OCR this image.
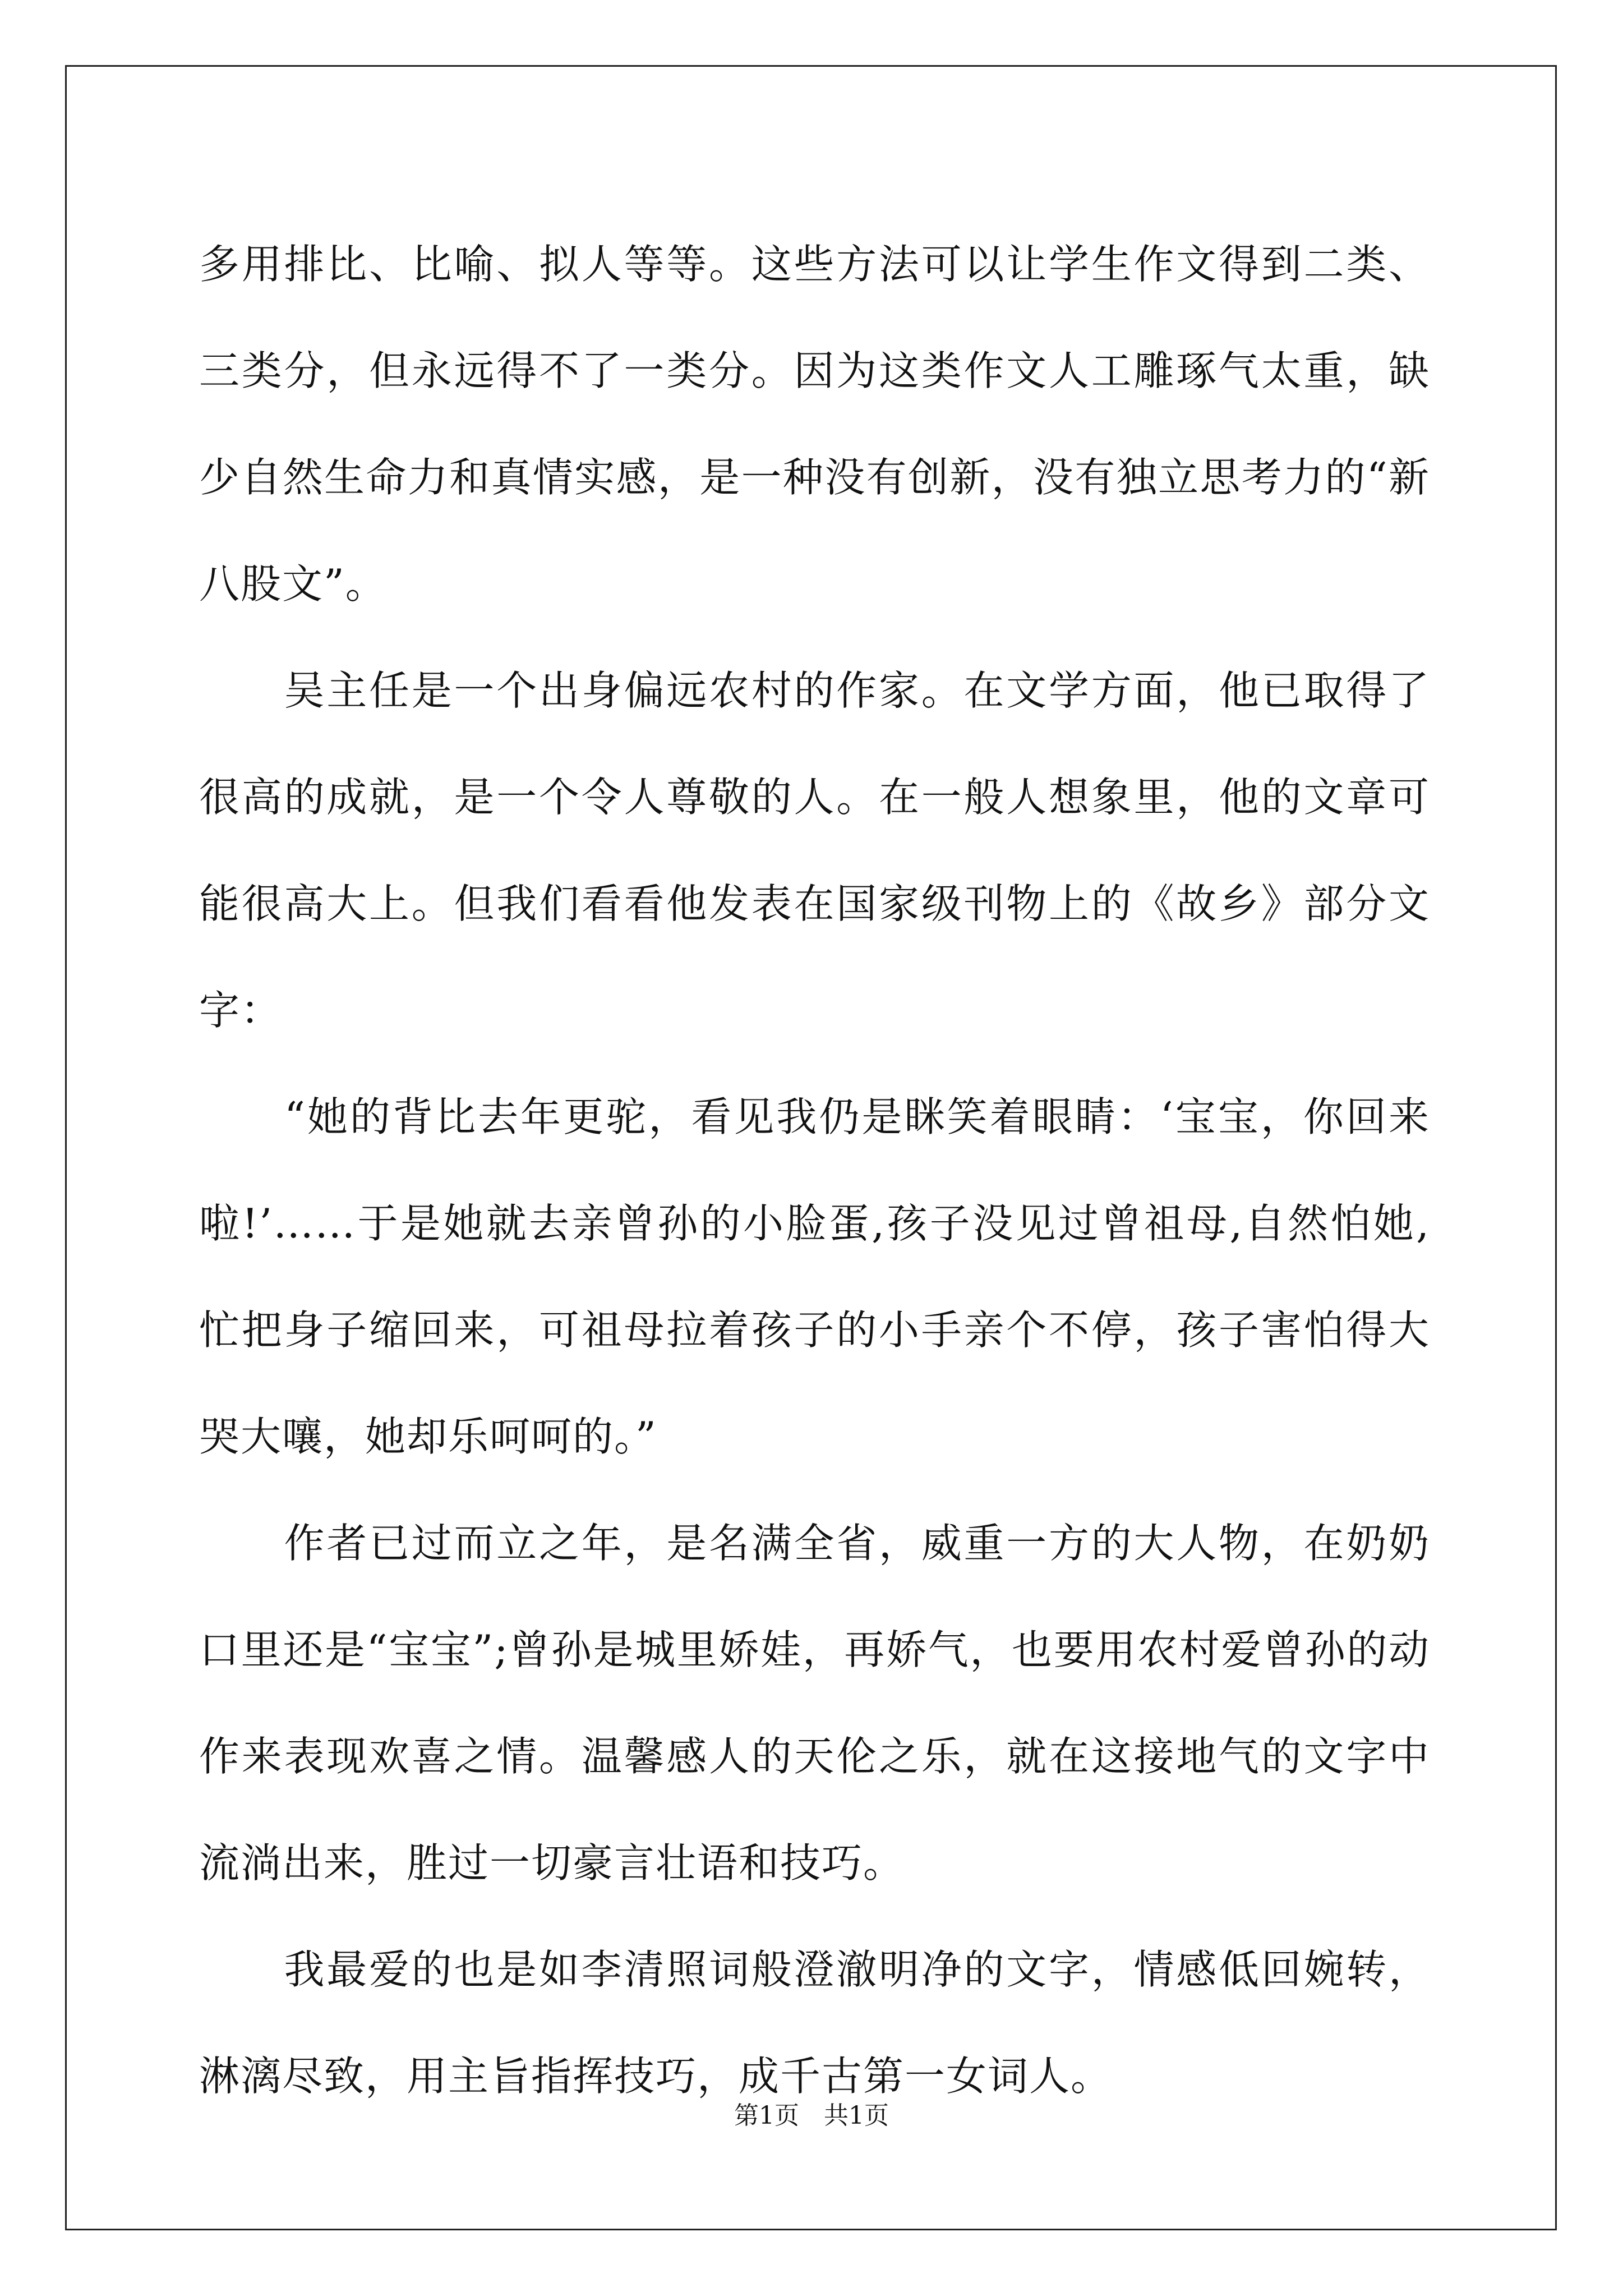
多用排比、比喻、拟人等等。这些方法可以让学生作文得到二类、三类分，但永远得不了一类分。因为这类作文人工雕琢气太重，缺少自然生命力和真情实感，是一种没有创新，没有独立思考力的“新八股文”。

　　吴主任是一个出身偏远农村的作家。在文学方面，他已取得了很高的成就，是一个令人尊敬的人。在一般人想象里，他的文章可能很高大上。但我们看看他发表在国家级刊物上的《故乡》部分文字：

　　“她的背比去年更驼，看见我仍是眯笑着眼睛：‘宝宝，你回来啦!’……于是她就去亲曾孙的小脸蛋,孩子没见过曾祖母,自然怕她,忙把身子缩回来，可祖母拉着孩子的小手亲个不停，孩子害怕得大哭大嚷，她却乐呵呵的。”

　　作者已过而立之年，是名满全省，威重一方的大人物，在奶奶口里还是“宝宝”;曾孙是城里娇娃，再娇气，也要用农村爱曾孙的动作来表现欢喜之情。温馨感人的天伦之乐，就在这接地气的文字中流淌出来，胜过一切豪言壮语和技巧。

　　我最爱的也是如李清照词般澄澈明净的文字，情感低回婉转，淋漓尽致，用主旨指挥技巧，成千古第一女词人。

第1页 共1页
